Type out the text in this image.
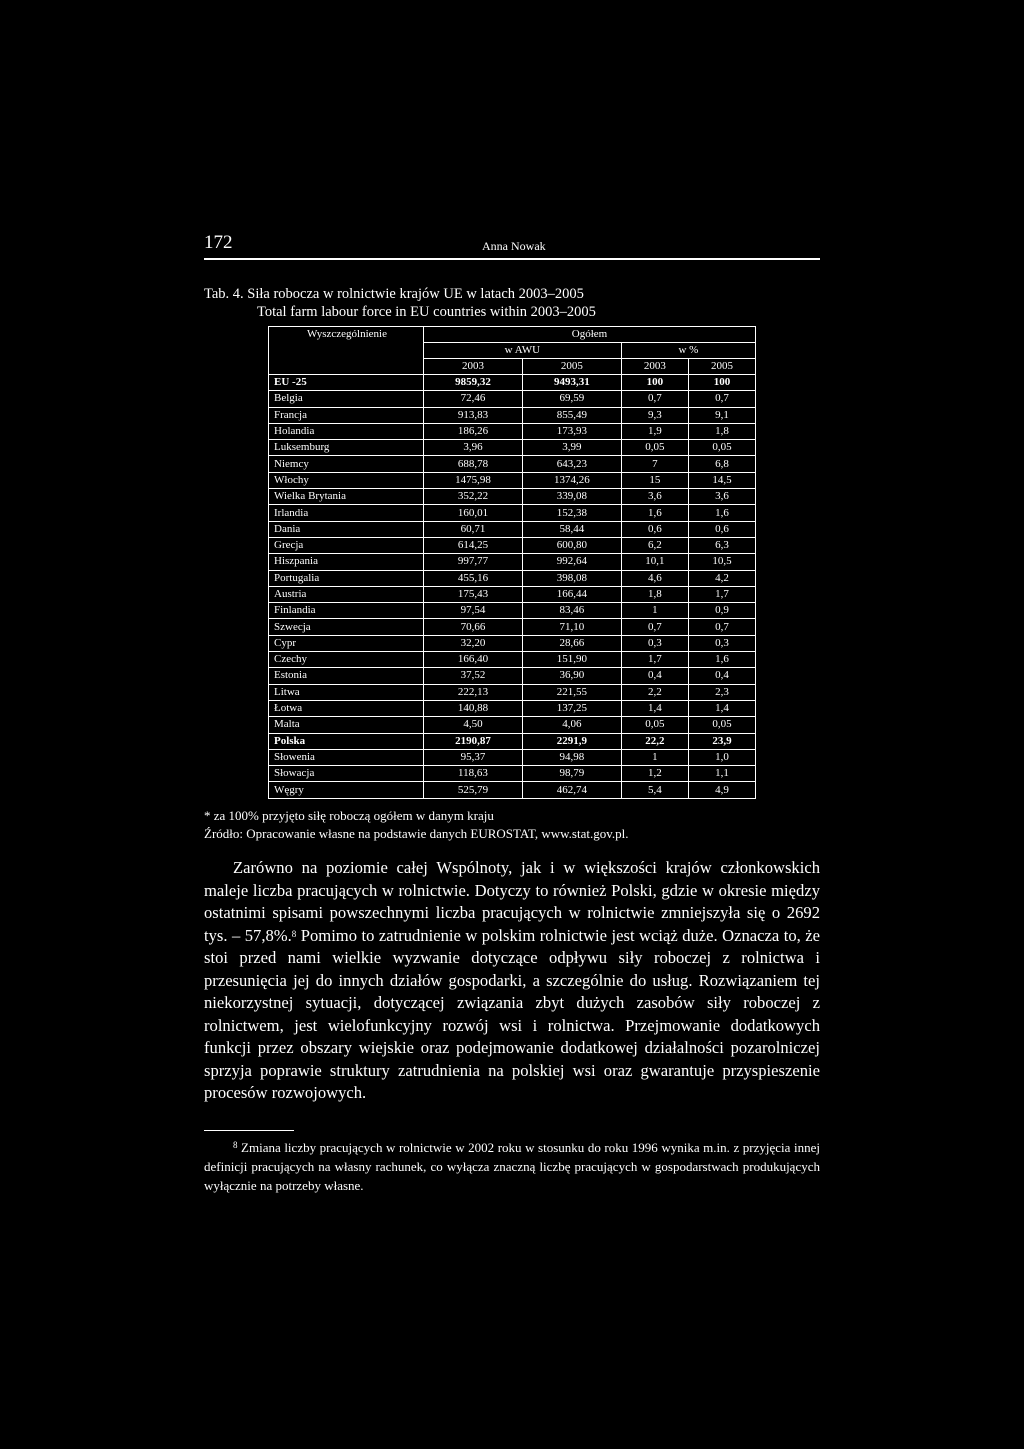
172	Anna Nowak
Tab. 4. Siła robocza w rolnictwie krajów UE w latach 2003–2005
Total farm labour force in EU countries within 2003–2005
Wyszczególnienie	Ogółem			
	w AWU		w %	
	2003	2005	2003	2005
EU -25	9859,32	9493,31	100	100
Belgia	72,46	69,59	0,7	0,7
Francja	913,83	855,49	9,3	9,1
Holandia	186,26	173,93	1,9	1,8
Luksemburg	3,96	3,99	0,05	0,05
Niemcy	688,78	643,23	7	6,8
Włochy	1475,98	1374,26	15	14,5
Wielka Brytania	352,22	339,08	3,6	3,6
Irlandia	160,01	152,38	1,6	1,6
Dania	60,71	58,44	0,6	0,6
Grecja	614,25	600,80	6,2	6,3
Hiszpania	997,77	992,64	10,1	10,5
Portugalia	455,16	398,08	4,6	4,2
Austria	175,43	166,44	1,8	1,7
Finlandia	97,54	83,46	1	0,9
Szwecja	70,66	71,10	0,7	0,7
Cypr	32,20	28,66	0,3	0,3
Czechy	166,40	151,90	1,7	1,6
Estonia	37,52	36,90	0,4	0,4
Litwa	222,13	221,55	2,2	2,3
Łotwa	140,88	137,25	1,4	1,4
Malta	4,50	4,06	0,05	0,05
Polska	2190,87	2291,9	22,2	23,9
Słowenia	95,37	94,98	1	1,0
Słowacja	118,63	98,79	1,2	1,1
Węgry	525,79	462,74	5,4	4,9
* za 100% przyjęto siłę roboczą ogółem w danym kraju
Źródło: Opracowanie własne na podstawie danych EUROSTAT, www.stat.gov.pl.

Zarówno na poziomie całej Wspólnoty, jak i w większości krajów członkowskich maleje liczba pracujących w rolnictwie. Dotyczy to również Polski, gdzie w okresie między ostatnimi spisami powszechnymi liczba pracujących w rolnictwie zmniejszyła się o 2692 tys. – 57,8%.$^8$ Pomimo to zatrudnienie w polskim rolnictwie jest wciąż duże. Oznacza to, że stoi przed nami wielkie wyzwanie dotyczące odpływu siły roboczej z rolnictwa i przesunięcia jej do innych działów gospodarki, a szczególnie do usług. Rozwiązaniem tej niekorzystnej sytuacji, dotyczącej związania zbyt dużych zasobów siły roboczej z rolnictwem, jest wielofunkcyjny rozwój wsi i rolnictwa. Przejmowanie dodatkowych funkcji przez obszary wiejskie oraz podejmowanie dodatkowej działalności pozarolniczej sprzyja poprawie struktury zatrudnienia na polskiej wsi oraz gwarantuje przyspieszenie procesów rozwojowych.

$^8$ Zmiana liczby pracujących w rolnictwie w 2002 roku w stosunku do roku 1996 wynika m.in. z przyjęcia innej definicji pracujących na własny rachunek, co wyłącza znaczną liczbę pracujących w gospodarstwach produkujących wyłącznie na potrzeby własne.
